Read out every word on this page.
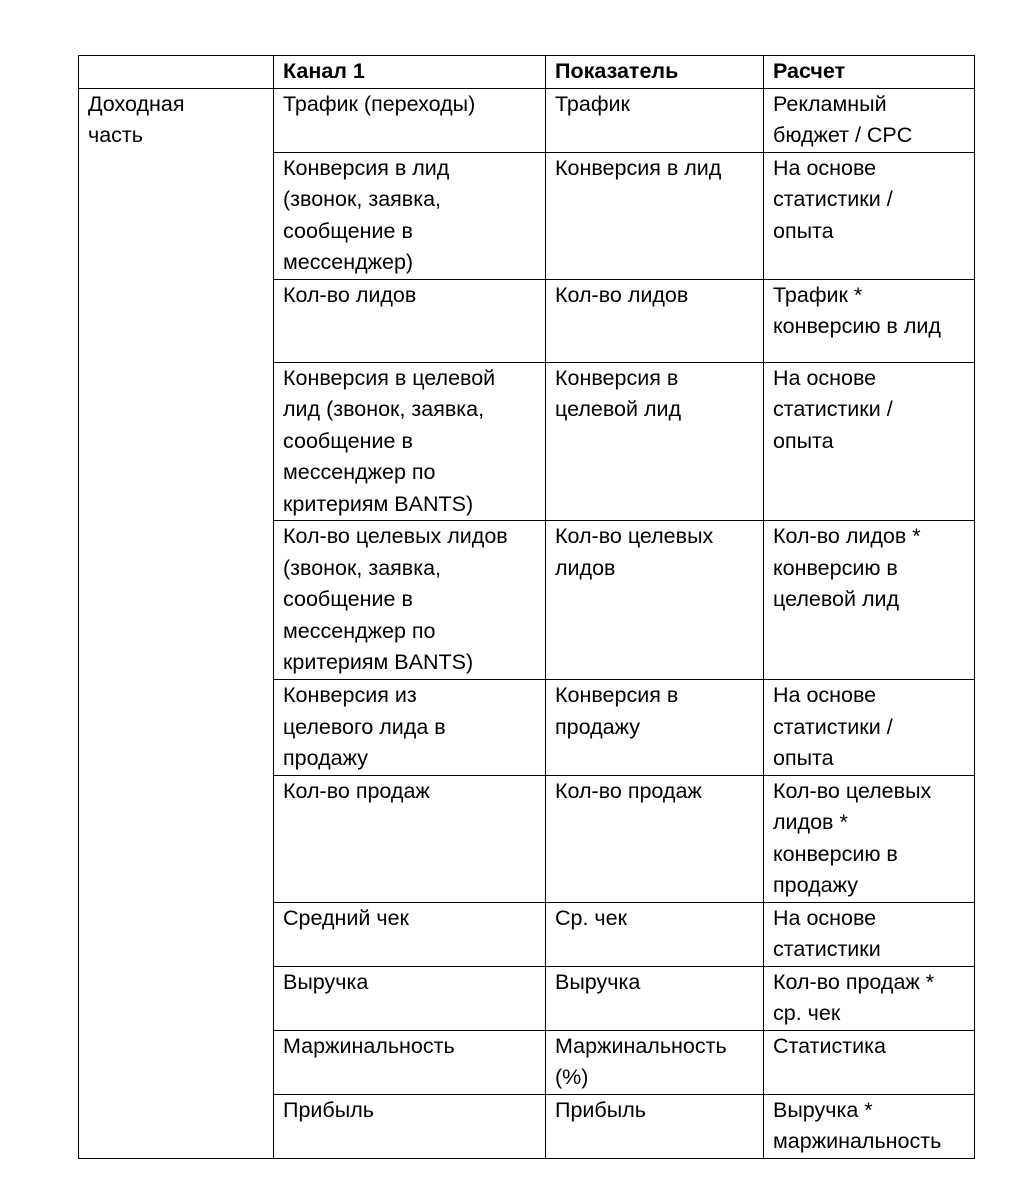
	Канал 1	Показатель	Расчет

Доходная
часть	Трафик (переходы)	Трафик	Рекламный
бюджет / CPC

	Конверсия в лид
(звонок, заявка,
сообщение в
мессенджер)	Конверсия в лид	На основе
статистики /
опыта

	Кол-во лидов	Кол-во лидов	Трафик *
конверсию в лид

	Конверсия в целевой
лид (звонок, заявка,
сообщение в
мессенджер по
критериям BANTS)	Конверсия в
целевой лид	На основе
статистики /
опыта

	Кол-во целевых лидов
(звонок, заявка,
сообщение в
мессенджер по
критериям BANTS)	Кол-во целевых
лидов	Кол-во лидов *
конверсию в
целевой лид

	Конверсия из
целевого лида в
продажу	Конверсия в
продажу	На основе
статистики /
опыта

	Кол-во продаж	Кол-во продаж	Кол-во целевых
лидов *
конверсию в
продажу

	Средний чек	Ср. чек	На основе
статистики

	Выручка	Выручка	Кол-во продаж *
ср. чек

	Маржинальность	Маржинальность
(%)	Статистика

	Прибыль	Прибыль	Выручка *
маржинальность
